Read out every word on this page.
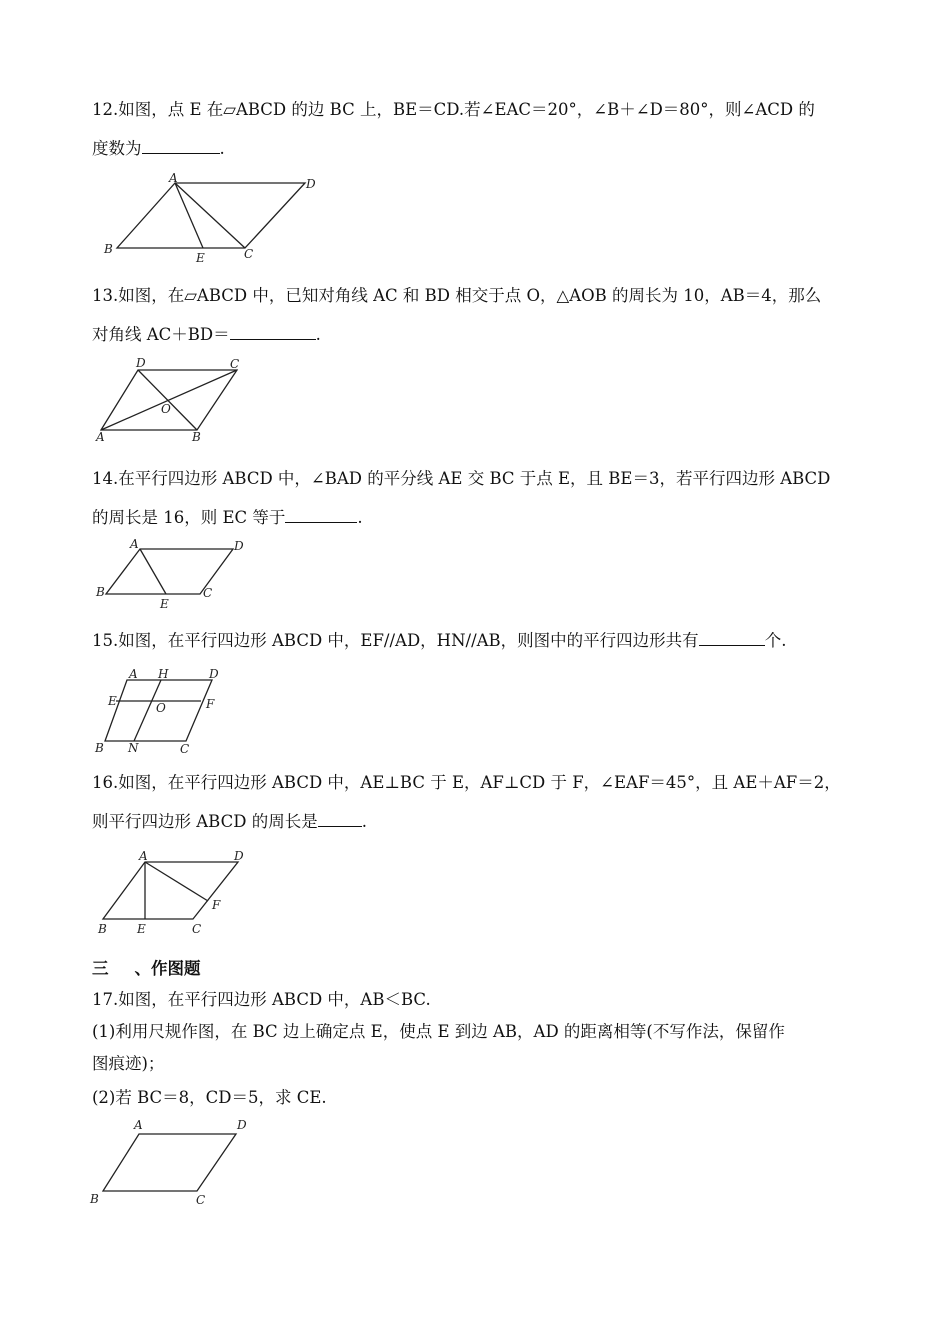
12.如图，点 E 在▱ABCD 的边 BC 上，BE＝CD.若∠EAC＝20°，∠B＋∠D＝80°，则∠ACD 的
度数为	.
A	D
B
E	C
13.如图，在▱ABCD 中，已知对角线 AC 和 BD 相交于点 O，△AOB 的周长为 10，AB＝4，那么
对角线 AC＋BD＝	.
D	C
O
A	B
14.在平行四边形 ABCD 中，∠BAD 的平分线 AE 交 BC 于点 E，且 BE＝3，若平行四边形 ABCD
的周长是 16，则 EC 等于	.
A	D
B
E
C
15.如图，在平行四边形 ABCD 中，EF//AD，HN//AB，则图中的平行四边形共有	个.
A H	D
E	O	F
B N	C
16.如图，在平行四边形 ABCD 中，AE⊥BC 于 E，AF⊥CD 于 F，∠EAF＝45°，且 AE＋AF＝2，
则平行四边形 ABCD 的周长是	.
A	D
F
B	E	C
三 、作图题
17.如图，在平行四边形 ABCD 中，AB＜BC.
(1)利用尺规作图，在 BC 边上确定点 E，使点 E 到边 AB，AD 的距离相等(不写作法，保留作
图痕迹)；
(2)若 BC＝8，CD＝5，求 CE.
A	D
B	C
